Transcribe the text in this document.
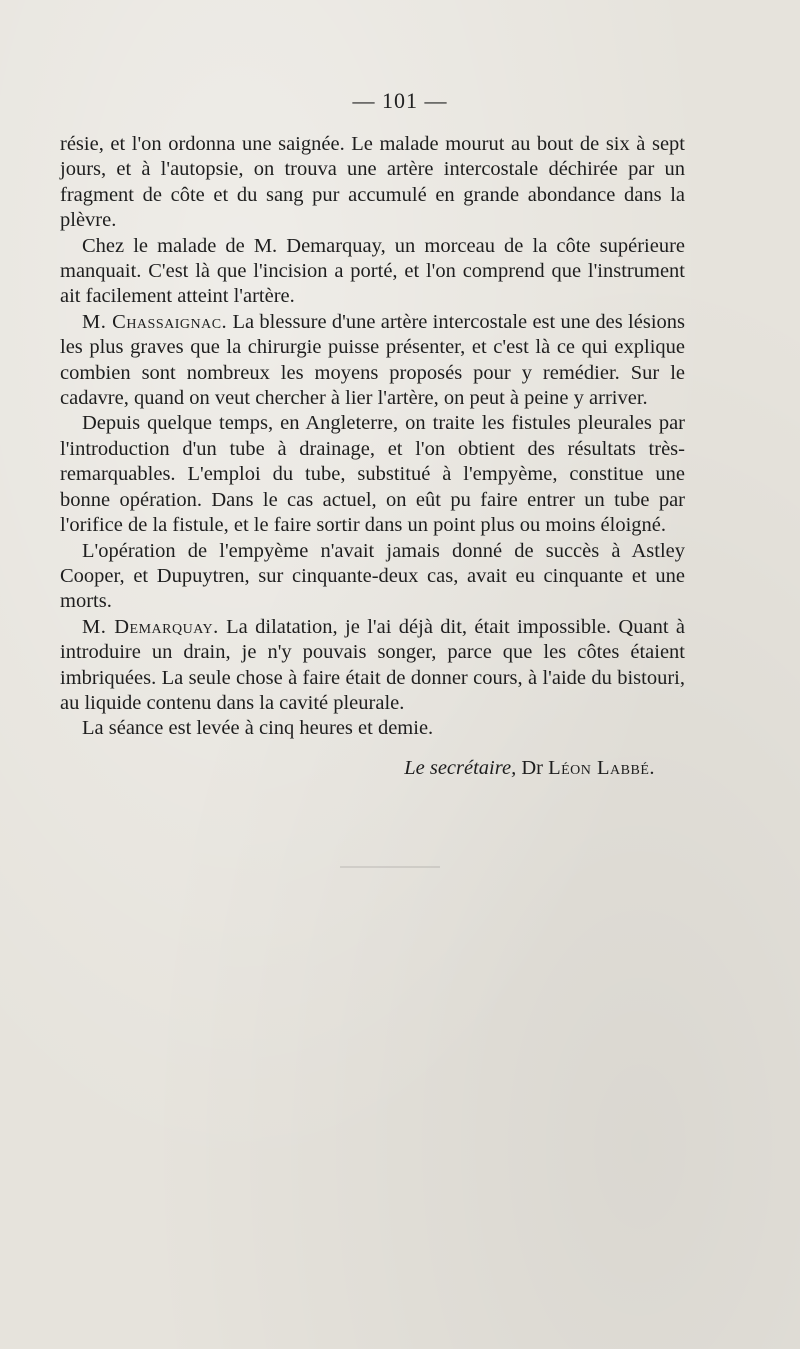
— 101 —

résie, et l'on ordonna une saignée. Le malade mourut au bout de six à sept jours, et à l'autopsie, on trouva une artère intercostale déchirée par un fragment de côte et du sang pur accumulé en grande abondance dans la plèvre.

Chez le malade de M. Demarquay, un morceau de la côte supérieure manquait. C'est là que l'incision a porté, et l'on comprend que l'instrument ait facilement atteint l'artère.

M. Chassaignac. La blessure d'une artère intercostale est une des lésions les plus graves que la chirurgie puisse présenter, et c'est là ce qui explique combien sont nombreux les moyens proposés pour y remédier. Sur le cadavre, quand on veut chercher à lier l'artère, on peut à peine y arriver.

Depuis quelque temps, en Angleterre, on traite les fistules pleurales par l'introduction d'un tube à drainage, et l'on obtient des résultats très-remarquables. L'emploi du tube, substitué à l'empyème, constitue une bonne opération. Dans le cas actuel, on eût pu faire entrer un tube par l'orifice de la fistule, et le faire sortir dans un point plus ou moins éloigné.

L'opération de l'empyème n'avait jamais donné de succès à Astley Cooper, et Dupuytren, sur cinquante-deux cas, avait eu cinquante et une morts.

M. Demarquay. La dilatation, je l'ai déjà dit, était impossible. Quant à introduire un drain, je n'y pouvais songer, parce que les côtes étaient imbriquées. La seule chose à faire était de donner cours, à l'aide du bistouri, au liquide contenu dans la cavité pleurale.

La séance est levée à cinq heures et demie.

Le secrétaire, Dr Léon Labbé.
